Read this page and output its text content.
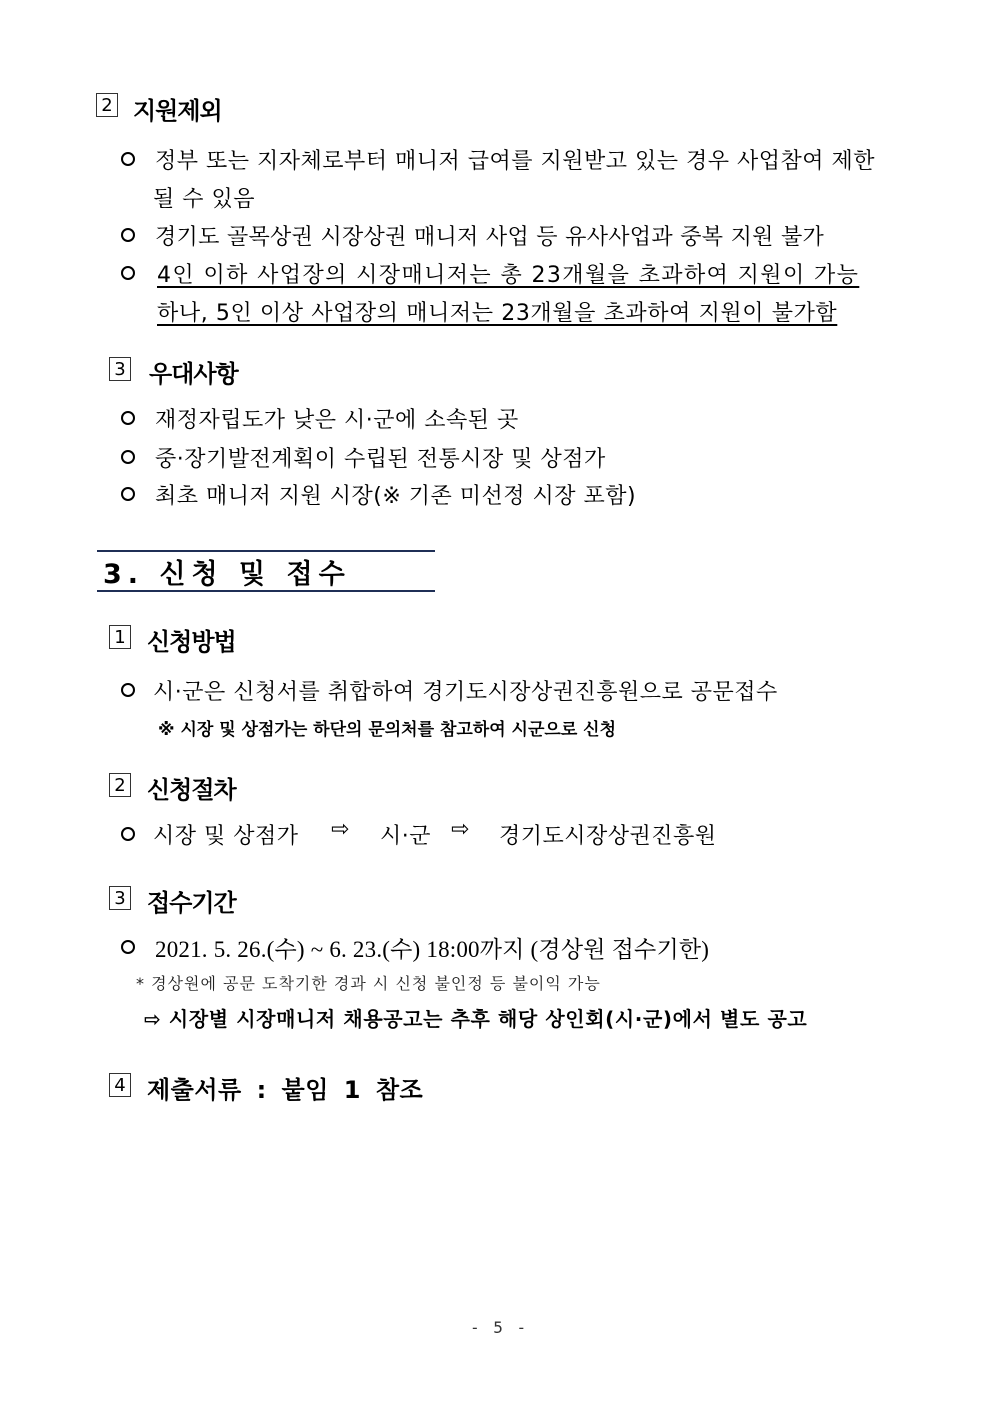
2 지원제외
정부 또는 지자체로부터 매니저 급여를 지원받고 있는 경우 사업참여 제한
될 수 있음
경기도 골목상권 시장상권 매니저 사업 등 유사사업과 중복 지원 불가
4인 이하 사업장의 시장매니저는 총 23개월을 초과하여 지원이 가능
하나, 5인 이상 사업장의 매니저는 23개월을 초과하여 지원이 불가함
3 우대사항
재정자립도가 낮은 시·군에 소속된 곳
중·장기발전계획이 수립된 전통시장 및 상점가
최초 매니저 지원 시장(※ 기존 미선정 시장 포함)
3. 신청 및 접수
1 신청방법
시·군은 신청서를 취합하여 경기도시장상권진흥원으로 공문접수
※ 시장 및 상점가는 하단의 문의처를 참고하여 시군으로 신청
2 신청절차
시장 및 상점가 ⇨ 시·군 ⇨ 경기도시장상권진흥원
3 접수기간
2021. 5. 26.(수) ~ 6. 23.(수) 18:00까지 (경상원 접수기한)
* 경상원에 공문 도착기한 경과 시 신청 불인정 등 불이익 가능
⇨ 시장별 시장매니저 채용공고는 추후 해당 상인회(시·군)에서 별도 공고
4 제출서류 : 붙임 1 참조
- 5 -
